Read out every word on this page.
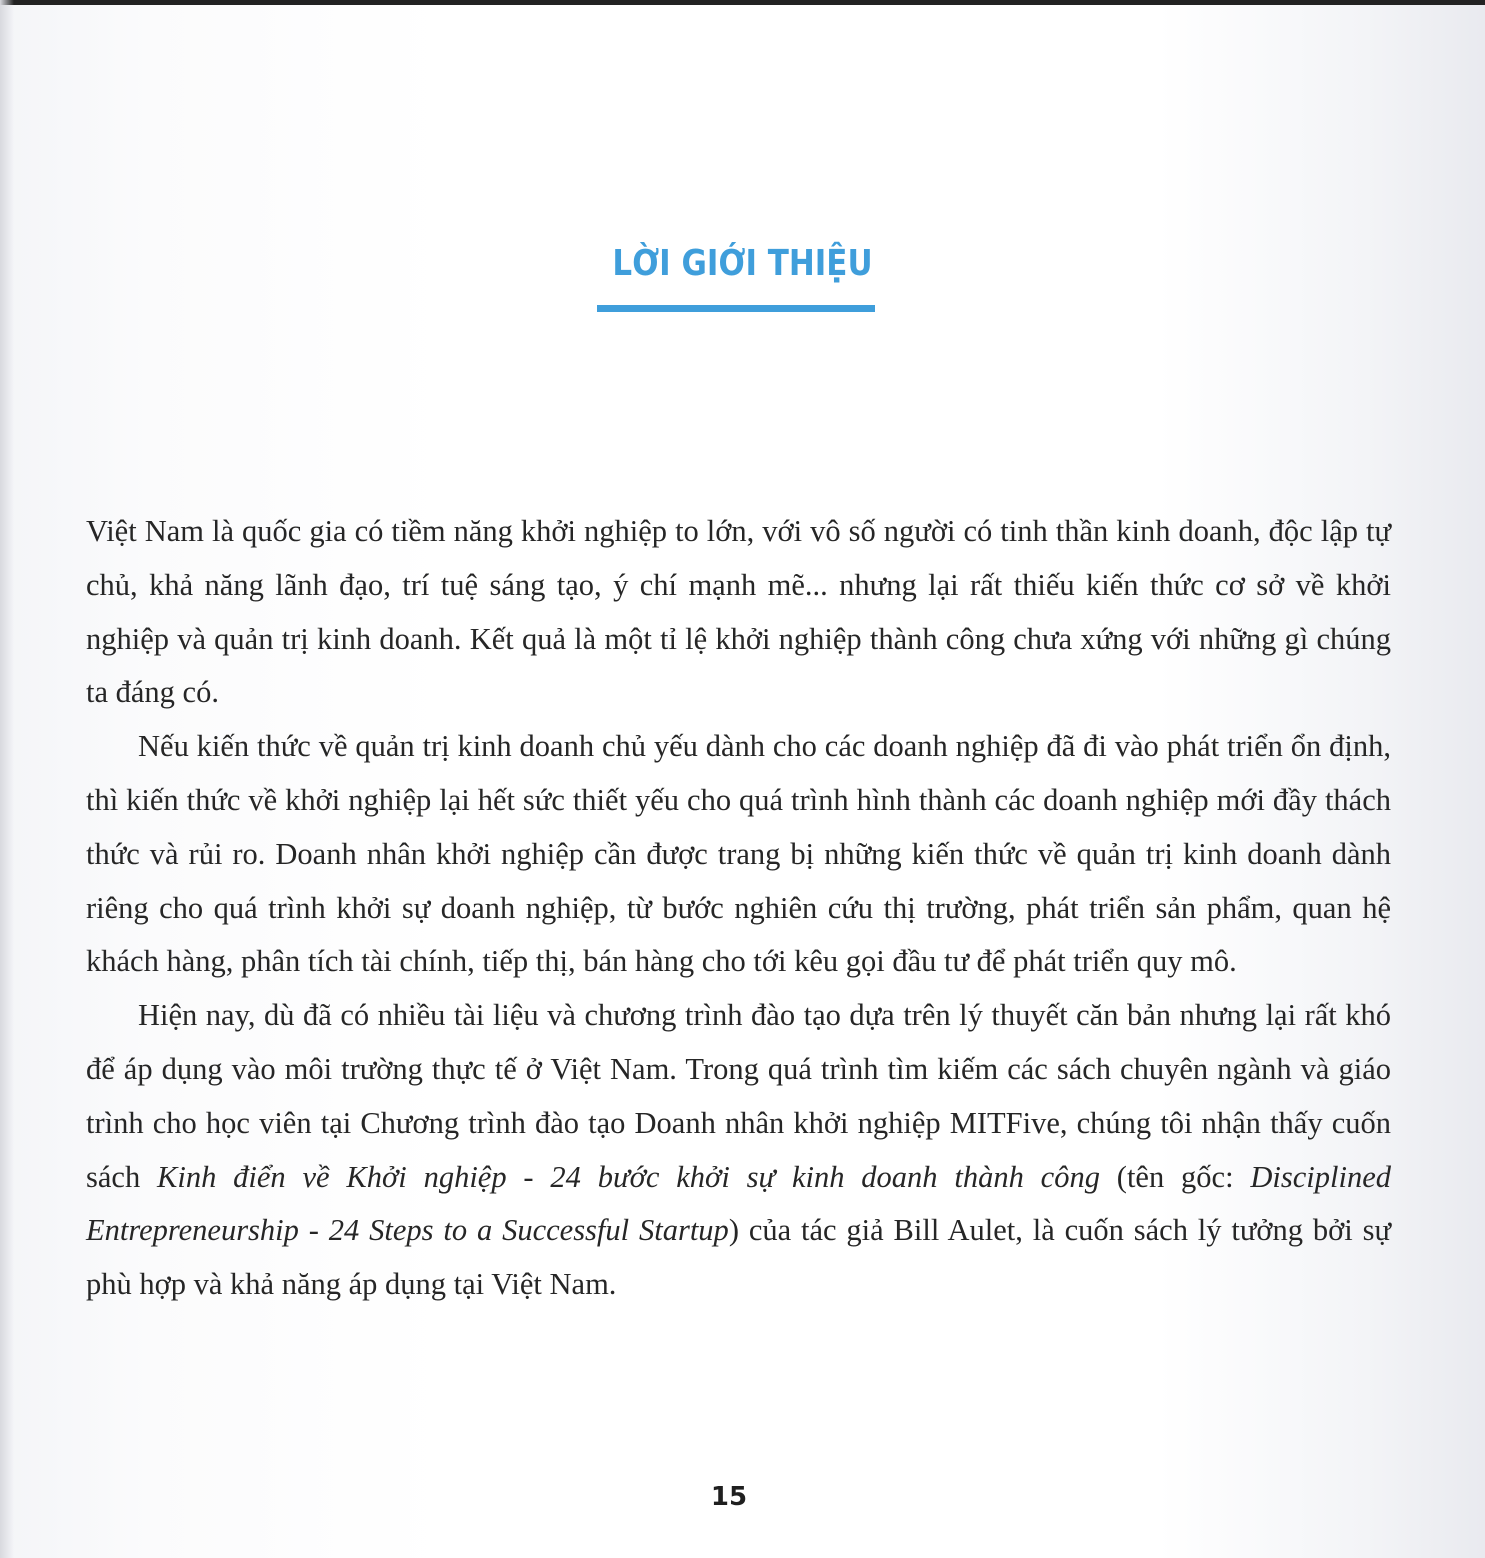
LỜI GIỚI THIỆU

Việt Nam là quốc gia có tiềm năng khởi nghiệp to lớn, với vô số người có tinh thần kinh doanh, độc lập tự chủ, khả năng lãnh đạo, trí tuệ sáng tạo, ý chí mạnh mẽ... nhưng lại rất thiếu kiến thức cơ sở về khởi nghiệp và quản trị kinh doanh. Kết quả là một tỉ lệ khởi nghiệp thành công chưa xứng với những gì chúng ta đáng có.

Nếu kiến thức về quản trị kinh doanh chủ yếu dành cho các doanh nghiệp đã đi vào phát triển ổn định, thì kiến thức về khởi nghiệp lại hết sức thiết yếu cho quá trình hình thành các doanh nghiệp mới đầy thách thức và rủi ro. Doanh nhân khởi nghiệp cần được trang bị những kiến thức về quản trị kinh doanh dành riêng cho quá trình khởi sự doanh nghiệp, từ bước nghiên cứu thị trường, phát triển sản phẩm, quan hệ khách hàng, phân tích tài chính, tiếp thị, bán hàng cho tới kêu gọi đầu tư để phát triển quy mô.

Hiện nay, dù đã có nhiều tài liệu và chương trình đào tạo dựa trên lý thuyết căn bản nhưng lại rất khó để áp dụng vào môi trường thực tế ở Việt Nam. Trong quá trình tìm kiếm các sách chuyên ngành và giáo trình cho học viên tại Chương trình đào tạo Doanh nhân khởi nghiệp MITFive, chúng tôi nhận thấy cuốn sách Kinh điển về Khởi nghiệp - 24 bước khởi sự kinh doanh thành công (tên gốc: Disciplined Entrepreneurship - 24 Steps to a Successful Startup) của tác giả Bill Aulet, là cuốn sách lý tưởng bởi sự phù hợp và khả năng áp dụng tại Việt Nam.

15
